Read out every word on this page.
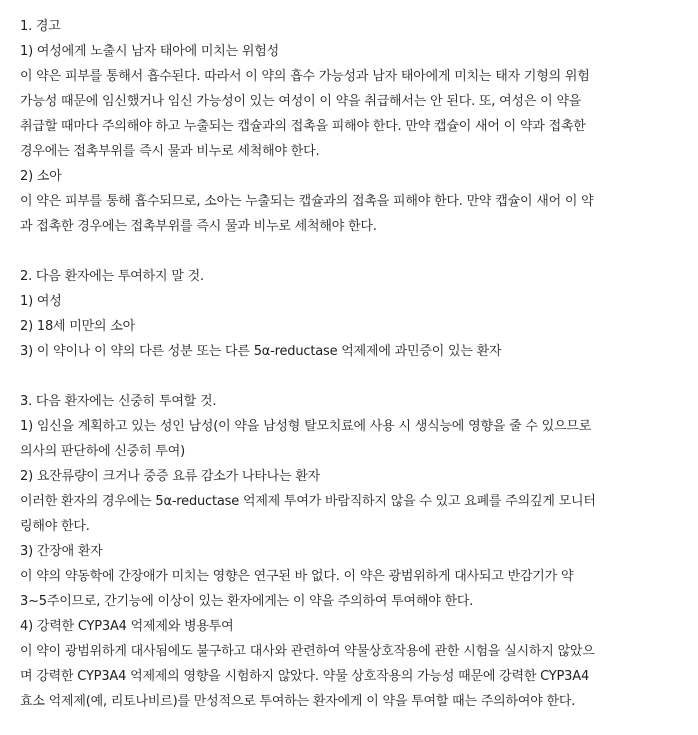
1. 경고
1) 여성에게 노출시 남자 태아에 미치는 위험성
이 약은 피부를 통해서 흡수된다. 따라서 이 약의 흡수 가능성과 남자 태아에게 미치는 태자 기형의 위험
가능성 때문에 임신했거나 임신 가능성이 있는 여성이 이 약을 취급해서는 안 된다. 또, 여성은 이 약을
취급할 때마다 주의해야 하고 누출되는 캡슐과의 접촉을 피해야 한다. 만약 캡슐이 새어 이 약과 접촉한
경우에는 접촉부위를 즉시 물과 비누로 세척해야 한다.
2) 소아
이 약은 피부를 통해 흡수되므로, 소아는 누출되는 캡슐과의 접촉을 피해야 한다. 만약 캡슐이 새어 이 약
과 접촉한 경우에는 접촉부위를 즉시 물과 비누로 세척해야 한다.
2. 다음 환자에는 투여하지 말 것.
1) 여성
2) 18세 미만의 소아
3) 이 약이나 이 약의 다른 성분 또는 다른 5α-reductase 억제제에 과민증이 있는 환자
3. 다음 환자에는 신중히 투여할 것.
1) 임신을 계획하고 있는 성인 남성(이 약을 남성형 탈모치료에 사용 시 생식능에 영향을 줄 수 있으므로
의사의 판단하에 신중히 투여)
2) 요잔류량이 크거나 중증 요류 감소가 나타나는 환자
이러한 환자의 경우에는 5α-reductase 억제제 투여가 바람직하지 않을 수 있고 요폐를 주의깊게 모니터
링해야 한다.
3) 간장애 환자
이 약의 약동학에 간장애가 미치는 영향은 연구된 바 없다. 이 약은 광범위하게 대사되고 반감기가 약
3~5주이므로, 간기능에 이상이 있는 환자에게는 이 약을 주의하여 투여해야 한다.
4) 강력한 CYP3A4 억제제와 병용투여
이 약이 광범위하게 대사됨에도 불구하고 대사와 관련하여 약물상호작용에 관한 시험을 실시하지 않았으
며 강력한 CYP3A4 억제제의 영향을 시험하지 않았다. 약물 상호작용의 가능성 때문에 강력한 CYP3A4
효소 억제제(예, 리토나비르)를 만성적으로 투여하는 환자에게 이 약을 투여할 때는 주의하여야 한다.
